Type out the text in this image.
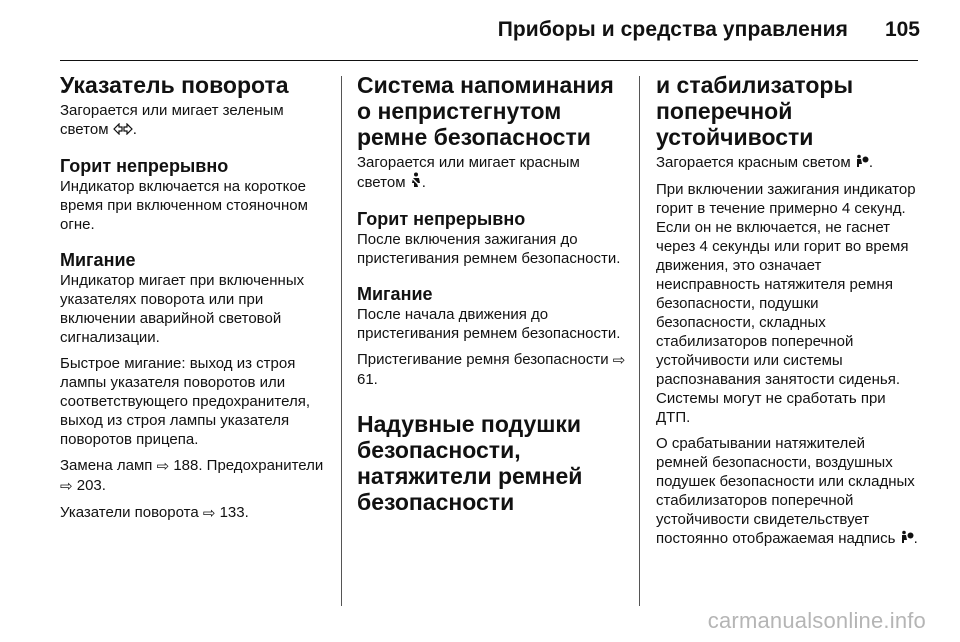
Приборы и средства управления 105
Указатель поворота

Загорается или мигает зеленым
светом .

Горит непрерывно

Индикатор включается на короткое время при включенном стояночном огне.

Мигание

Индикатор мигает при включенных указателях поворота или при включении аварийной световой сигнализации.

Быстрое мигание: выход из строя лампы указателя поворотов или соответствующего предохранителя, выход из строя лампы указателя поворотов прицепа.

Замена ламп ⇨ 188. Предохранители ⇨ 203.

Указатели поворота ⇨ 133.

Система напоминания о непристегнутом ремне безопасности

Загорается или мигает красным
светом .

Горит непрерывно

После включения зажигания до пристегивания ремнем безопасности.

Мигание

После начала движения до пристегивания ремнем безопасности.

Пристегивание ремня безопасности ⇨ 61.

Надувные подушки безопасности, натяжители ремней безопасности
и стабилизаторы поперечной устойчивости

Загорается красным светом .

При включении зажигания индикатор горит в течение примерно 4 секунд. Если он не включается, не гаснет через 4 секунды или горит во время движения, это означает неисправность натяжителя ремня безопасности, подушки безопасности, складных стабилизаторов поперечной устойчивости или системы распознавания занятости сиденья. Системы могут не сработать при ДТП.

О срабатывании натяжителей ремней безопасности, воздушных подушек безопасности или складных стабилизаторов поперечной устойчивости свидетельствует постоянно отображаемая надпись .

carmanualsonline.info
